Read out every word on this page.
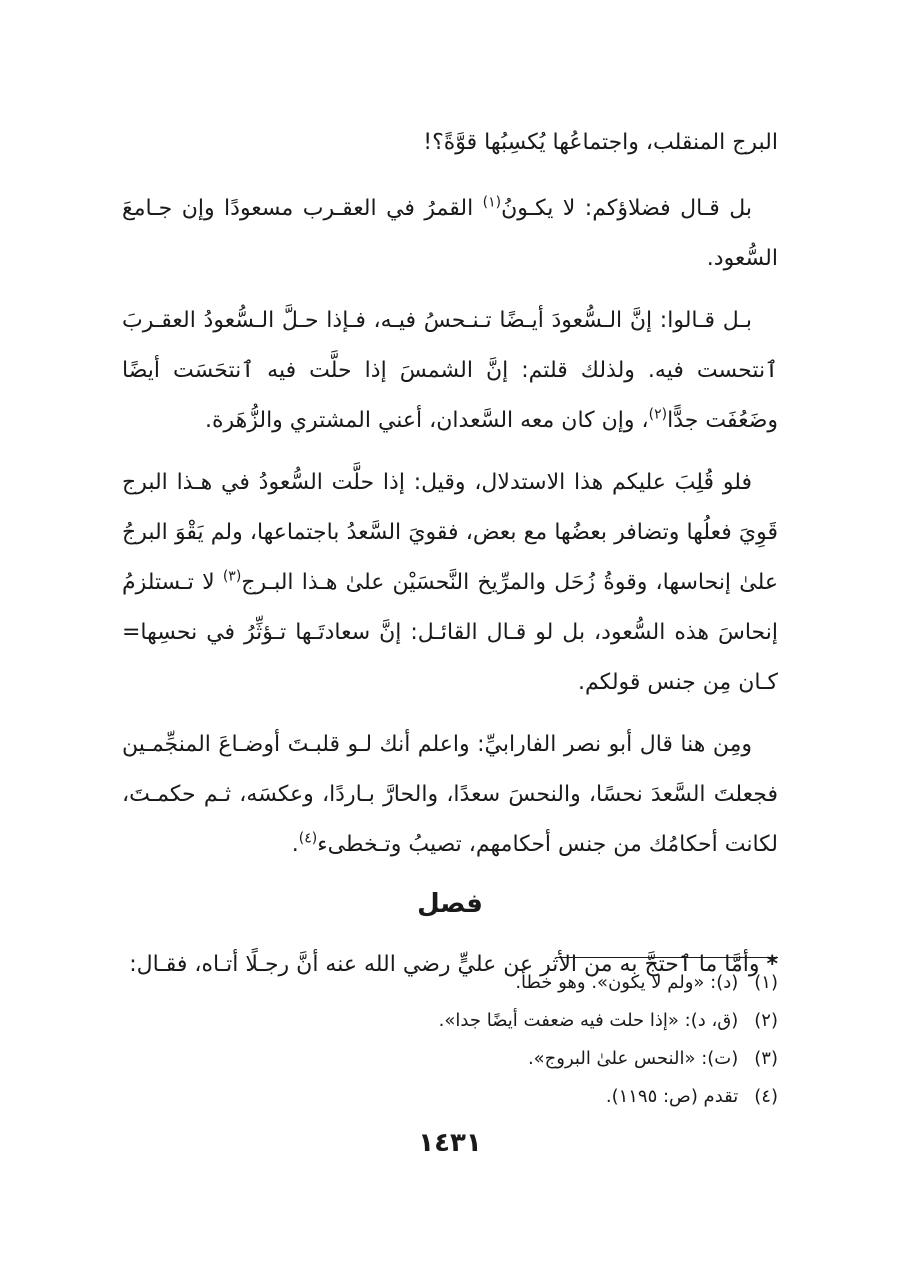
البرج المنقلب، واجتماعُها يُكسِبُها قوَّةً؟!

بل قـال فضلاؤكم: لا يكـونُ$^{(١)}$ القمرُ في العقـرب مسعودًا وإن جـامعَ السُّعود.

بـل قـالوا: إنَّ الـسُّعودَ أيـضًا تـنـحسُ فيـه، فـإذا حـلَّ الـسُّعودُ العقـربَ ٱنتحست فيه. ولذلك قلتم: إنَّ الشمسَ إذا حلَّت فيه ٱنتحَسَت أيضًا وضَعُفَت جدًّا$^{(٢)}$، وإن كان معه السَّعدان، أعني المشتري والزُّهَرة.

فلو قُلِبَ عليكم هذا الاستدلال، وقيل: إذا حلَّت السُّعودُ في هـذا البرج قَوِيَ فعلُها وتضافر بعضُها مع بعض، فقويَ السَّعدُ باجتماعها، ولم يَقْوَ البرجُ علىٰ إنحاسها، وقوةُ زُحَل والمرِّيخ النَّحسَيْن علىٰ هـذا البـرج$^{(٣)}$ لا تـستلزمُ إنحاسَ هذه السُّعود، بل لو قـال القائـل: إنَّ سعادتَـها تـؤثِّرُ في نحسِها= كـان مِن جنس قولكم.

ومِن هنا قال أبو نصر الفارابيِّ: واعلم أنك لـو قلبـتَ أوضـاعَ المنجِّمـين فجعلتَ السَّعدَ نحسًا، والنحسَ سعدًا، والحارَّ بـاردًا، وعكسَه، ثـم حكمـتَ، لكانت أحكامُك من جنس أحكامهم، تصيبُ وتـخطىء$^{(٤)}$.

فصل

* وأمَّا ما ٱحتجَّ به من الأثر عن عليٍّ رضي الله عنه أنَّ رجـلًا أتـاه، فقـال:

(١) (د): «ولم لا يكون». وهو خطأ.
(٢) (ق، د): «إذا حلت فيه ضعفت أيضًا جدا».
(٣) (ت): «النحس علىٰ البروج».
(٤) تقدم (ص: ١١٩٥).
١٤٣١
